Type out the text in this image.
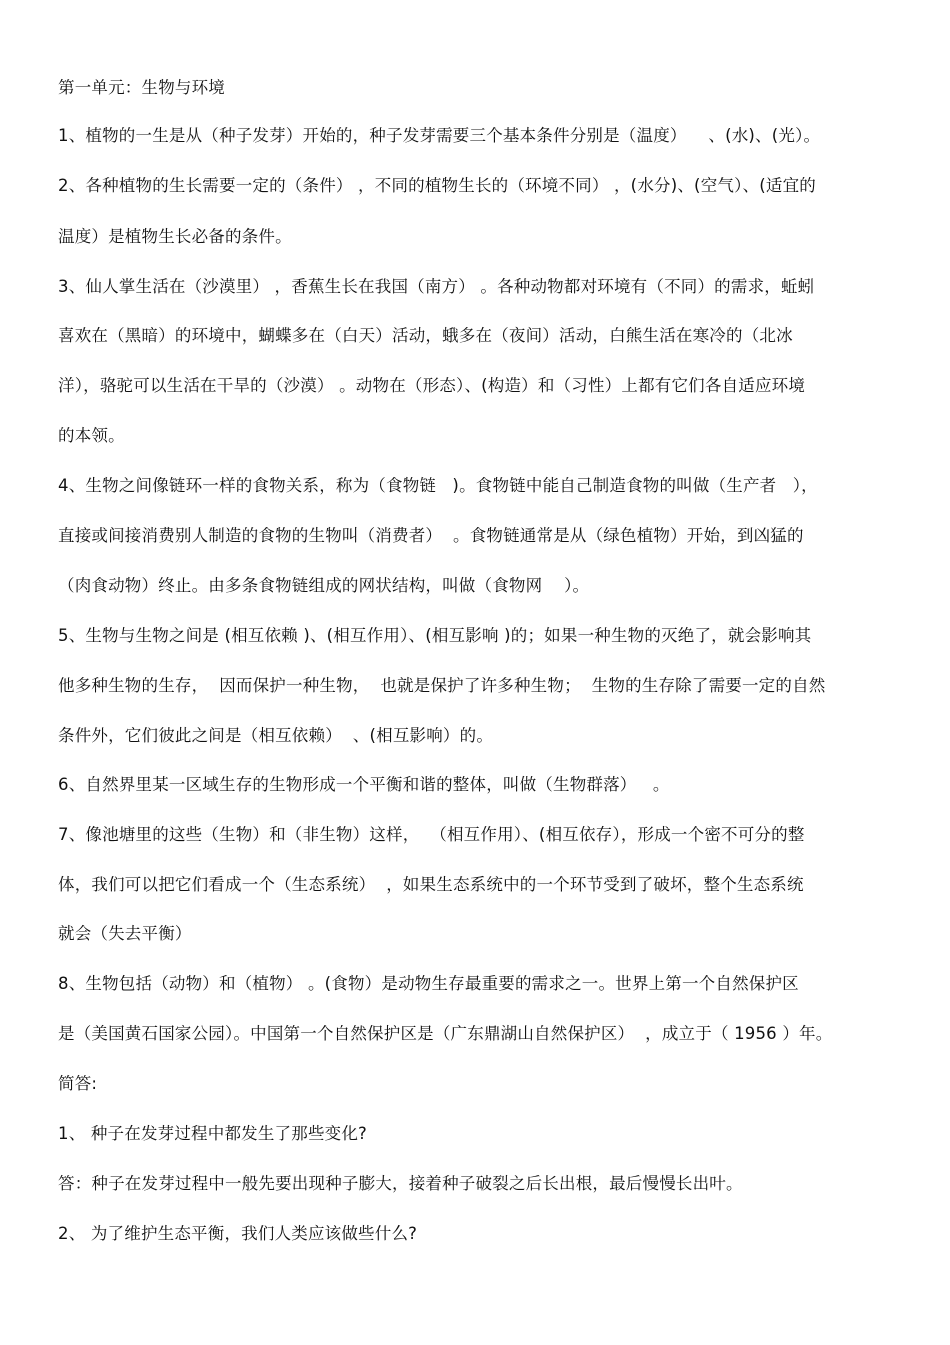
第一单元：生物与环境
1、植物的一生是从（种子发芽）开始的，种子发芽需要三个基本条件分别是（温度）    、(水)、(光）。
2、各种植物的生长需要一定的（条件） ，不同的植物生长的（环境不同） ，(水分)、(空气）、(适宜的
温度）是植物生长必备的条件。
3、仙人掌生活在（沙漠里） ，香蕉生长在我国（南方） 。各种动物都对环境有（不同）的需求，蚯蚓
喜欢在（黑暗）的环境中，蝴蝶多在（白天）活动，蛾多在（夜间）活动，白熊生活在寒冷的（北冰
洋），骆驼可以生活在干旱的（沙漠） 。动物在（形态）、(构造）和（习性）上都有它们各自适应环境
的本领。
4、生物之间像链环一样的食物关系，称为（食物链   )。食物链中能自己制造食物的叫做（生产者   ），
直接或间接消费别人制造的食物的生物叫（消费者）  。食物链通常是从（绿色植物）开始，到凶猛的
（肉食动物）终止。由多条食物链组成的网状结构，叫做（食物网    ）。
5、生物与生物之间是 (相互依赖 )、(相互作用）、(相互影响 )的；如果一种生物的灭绝了，就会影响其
他多种生物的生存，  因而保护一种生物，  也就是保护了许多种生物；  生物的生存除了需要一定的自然
条件外，它们彼此之间是（相互依赖）  、(相互影响）的。
6、自然界里某一区域生存的生物形成一个平衡和谐的整体，叫做（生物群落）   。
7、像池塘里的这些（生物）和（非生物）这样，  （相互作用）、(相互依存），形成一个密不可分的整
体，我们可以把它们看成一个（生态系统）  ，如果生态系统中的一个环节受到了破坏，整个生态系统
就会（失去平衡）
8、生物包括（动物）和（植物） 。(食物）是动物生存最重要的需求之一。世界上第一个自然保护区
是（美国黄石国家公园）。中国第一个自然保护区是（广东鼎湖山自然保护区）  ，成立于（ 1956 ）年。
简答:
1、 种子在发芽过程中都发生了那些变化?
答：种子在发芽过程中一般先要出现种子膨大，接着种子破裂之后长出根，最后慢慢长出叶。
2、 为了维护生态平衡，我们人类应该做些什么?
